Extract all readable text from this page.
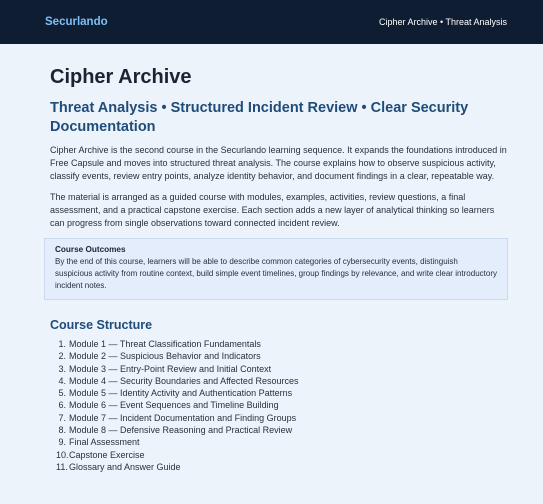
Securlando	Cipher Archive • Threat Analysis
Cipher Archive
Threat Analysis • Structured Incident Review • Clear Security Documentation

Cipher Archive is the second course in the Securlando learning sequence. It expands the foundations introduced in Free Capsule and moves into structured threat analysis. The course explains how to observe suspicious activity, classify events, review entry points, analyze identity behavior, and document findings in a clear, repeatable way.

The material is arranged as a guided course with modules, examples, activities, review questions, a final assessment, and a practical capstone exercise. Each section adds a new layer of analytical thinking so learners can progress from single observations toward connected incident review.

Course Outcomes

By the end of this course, learners will be able to describe common categories of cybersecurity events, distinguish suspicious activity from routine context, build simple event timelines, group findings by relevance, and write clear introductory incident notes.

Course Structure
1. Module 1 — Threat Classification Fundamentals
2. Module 2 — Suspicious Behavior and Indicators
3. Module 3 — Entry-Point Review and Initial Context
4. Module 4 — Security Boundaries and Affected Resources
5. Module 5 — Identity Activity and Authentication Patterns
6. Module 6 — Event Sequences and Timeline Building
7. Module 7 — Incident Documentation and Finding Groups
8. Module 8 — Defensive Reasoning and Practical Review
9. Final Assessment
10. Capstone Exercise
11. Glossary and Answer Guide
